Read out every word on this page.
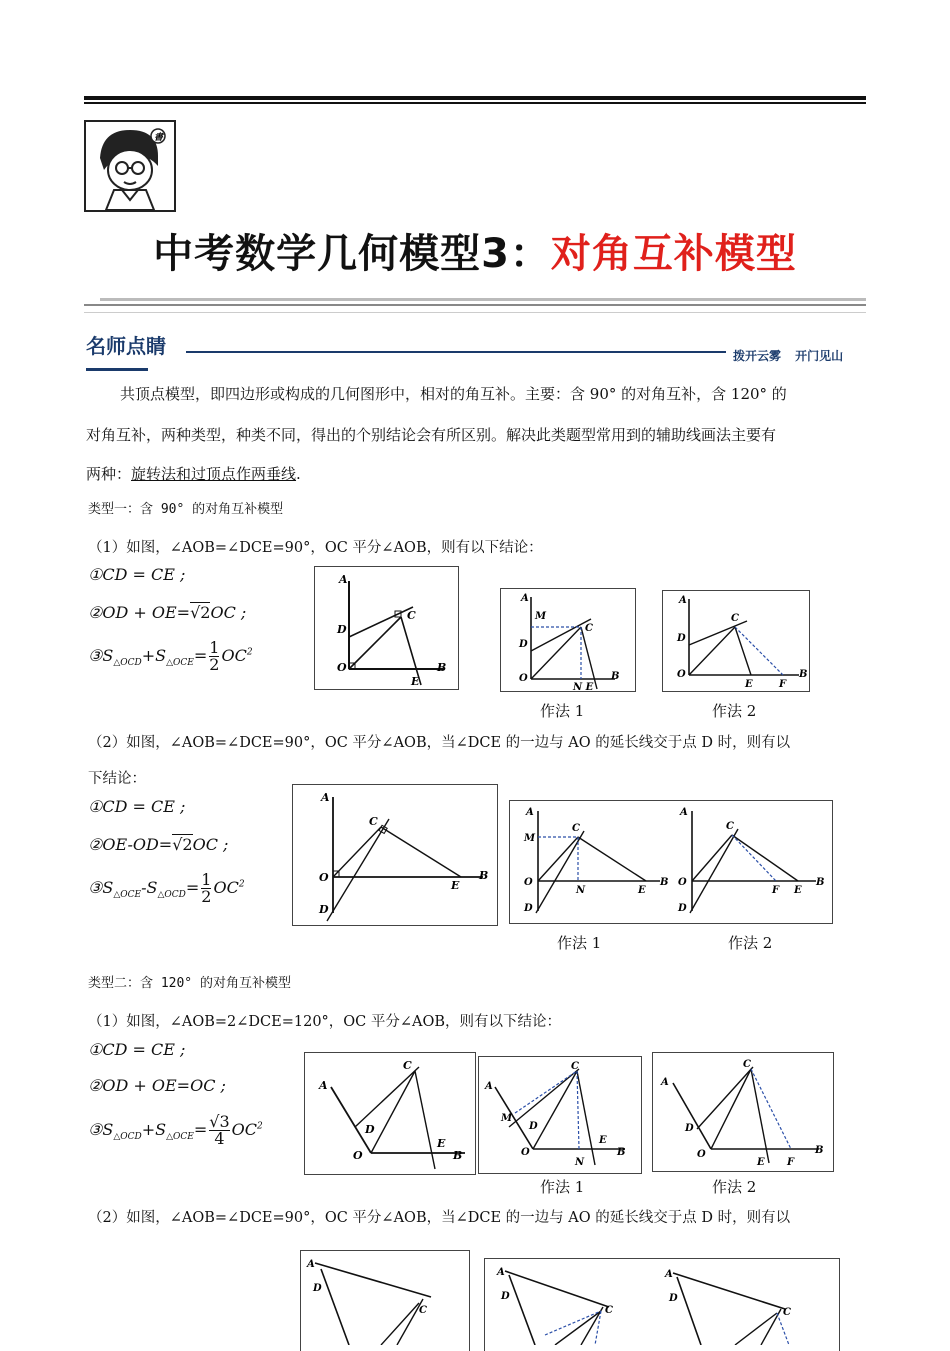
書
中考数学几何模型3：对角互补模型
名师点睛	拨开云雾 开门见山
共顶点模型，即四边形或构成的几何图形中，相对的角互补。主要：含 90° 的对角互补，含 120° 的
对角互补，两种类型，种类不同，得出的个别结论会有所区别。解决此类题型常用到的辅助线画法主要有
两种：旋转法和过顶点作两垂线.
类型一：含 90° 的对角互补模型
（1）如图，∠AOB=∠DCE=90°，OC 平分∠AOB，则有以下结论：
①CD = CE ;
②OD + OE=√2OC ;
$③S_{\triangle OCD}+S_{\triangle OCE}= \frac{1}{2} OC^2$
A
D
O
C
E
B
A
M
D
O
C
N E
B
A
D
O
C
E	F
B
作法 1	作法 2
（2）如图，∠AOB=∠DCE=90°，OC 平分∠AOB，当∠DCE 的一边与 AO 的延长线交于点 D 时，则有以
下结论：
①CD = CE ;
②OE-OD=√2OC ;
$③S_{\triangle OCE}-S_{\triangle OCD}= \frac{1}{2} OC^2$
A
O
D
C
E
B
A
M
O
D
C
N	E
B
A
O
D
C
F E
B
作法 1	作法 2
类型二：含 120° 的对角互补模型
（1）如图，∠AOB=2∠DCE=120°，OC 平分∠AOB，则有以下结论：
①CD = CE ;
②OD + OE=OC ;
$③S_{\triangle OCD}+S_{\triangle OCE}= \frac{√3}{4} OC^2$
A
D
O
C
E
B
A
M
D
O
C
E
N
B
A
D
O
C
E F
B
作法 1	作法 2
（2）如图，∠AOB=∠DCE=90°，OC 平分∠AOB，当∠DCE 的一边与 AO 的延长线交于点 D 时，则有以
A
D
C
A
D
C
A
D
C
